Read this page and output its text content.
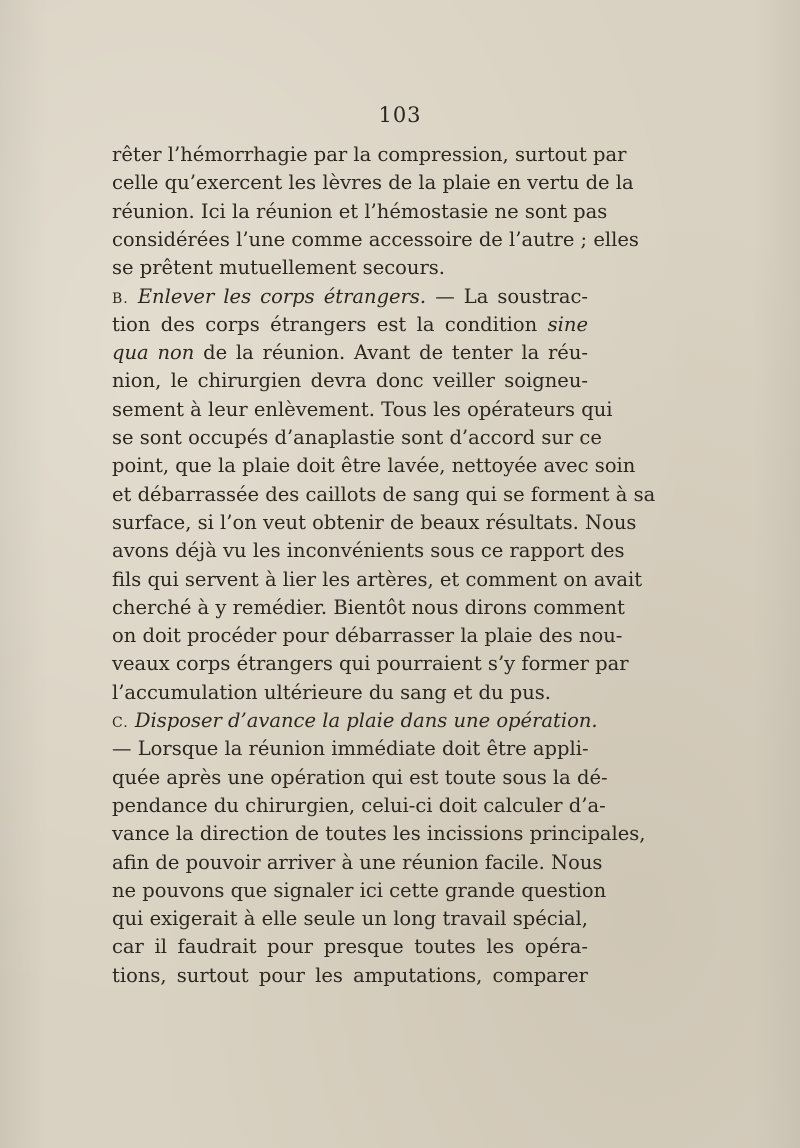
103
rêter l’hémorrhagie par la compression, surtout par
celle qu’exercent les lèvres de la plaie en vertu de la
réunion. Ici la réunion et l’hémostasie ne sont pas
considérées l’une comme accessoire de l’autre ; elles
se prêtent mutuellement secours.
B. Enlever les corps étrangers. — La soustrac-
tion des corps étrangers est la condition sine
qua non de la réunion. Avant de tenter la réu-
nion, le chirurgien devra donc veiller soigneu-
sement à leur enlèvement. Tous les opérateurs qui
se sont occupés d’anaplastie sont d’accord sur ce
point, que la plaie doit être lavée, nettoyée avec soin
et débarrassée des caillots de sang qui se forment à sa
surface, si l’on veut obtenir de beaux résultats. Nous
avons déjà vu les inconvénients sous ce rapport des
fils qui servent à lier les artères, et comment on avait
cherché à y remédier. Bientôt nous dirons comment
on doit procéder pour débarrasser la plaie des nou-
veaux corps étrangers qui pourraient s’y former par
l’accumulation ultérieure du sang et du pus.
C. Disposer d’avance la plaie dans une opération.
— Lorsque la réunion immédiate doit être appli-
quée après une opération qui est toute sous la dé-
pendance du chirurgien, celui-ci doit calculer d’a-
vance la direction de toutes les incissions principales,
afin de pouvoir arriver à une réunion facile. Nous
ne pouvons que signaler ici cette grande question
qui exigerait à elle seule un long travail spécial,
car il faudrait pour presque toutes les opéra-
tions, surtout pour les amputations, comparer
